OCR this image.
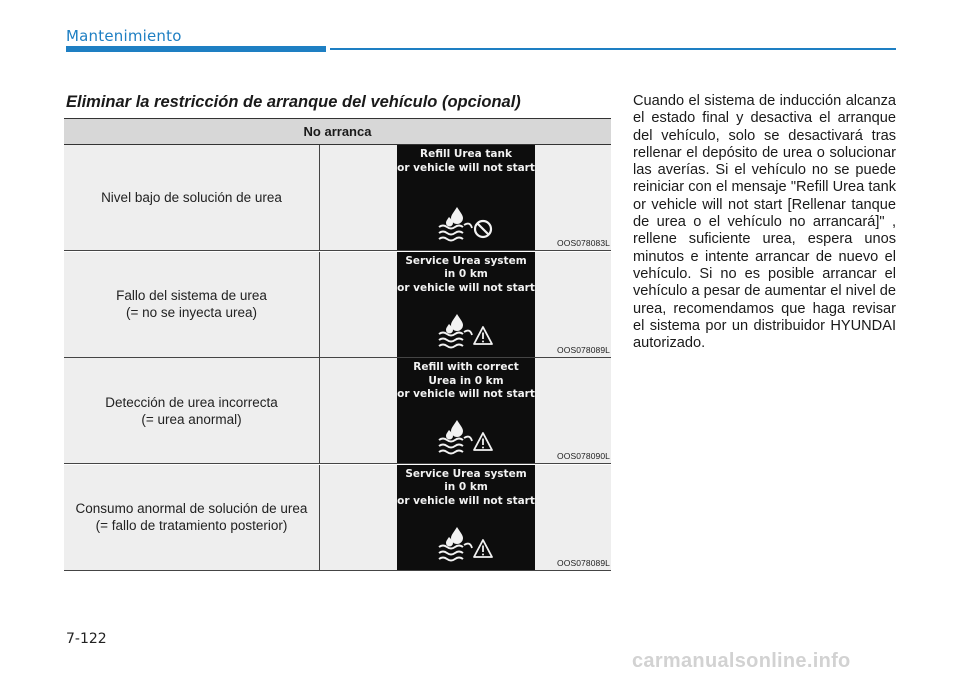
Mantenimiento
Eliminar la restricción de arranque del vehículo (opcional)
No arranca
Nivel bajo de solución de urea
Refill Urea tank
or vehicle will not start
OOS078083L
Fallo del sistema de urea
(= no se inyecta urea)
Service Urea system
in 0 km
or vehicle will not start
OOS078089L
Detección de urea incorrecta
(= urea anormal)
Refill with correct
Urea in 0 km
or vehicle will not start
OOS078090L
Consumo anormal de solución de urea
(= fallo de tratamiento posterior)
Service Urea system
in 0 km
or vehicle will not start
OOS078089L
Cuando el sistema de inducción alcanza el estado final y desactiva el arranque del vehículo, solo se desactivará tras rellenar el depósito de urea o solucionar las averías. Si el vehículo no se puede reiniciar con el mensaje "Refill Urea tank or vehicle will not start [Rellenar tanque de urea o el vehículo no arrancará]" , rellene suficiente urea, espera unos minutos e intente arrancar de nuevo el vehículo. Si no es posible arrancar el vehículo a pesar de aumentar el nivel de urea, recomendamos que haga revisar el sistema por un distribuidor HYUNDAI autorizado.
7-122
carmanualsonline.info
